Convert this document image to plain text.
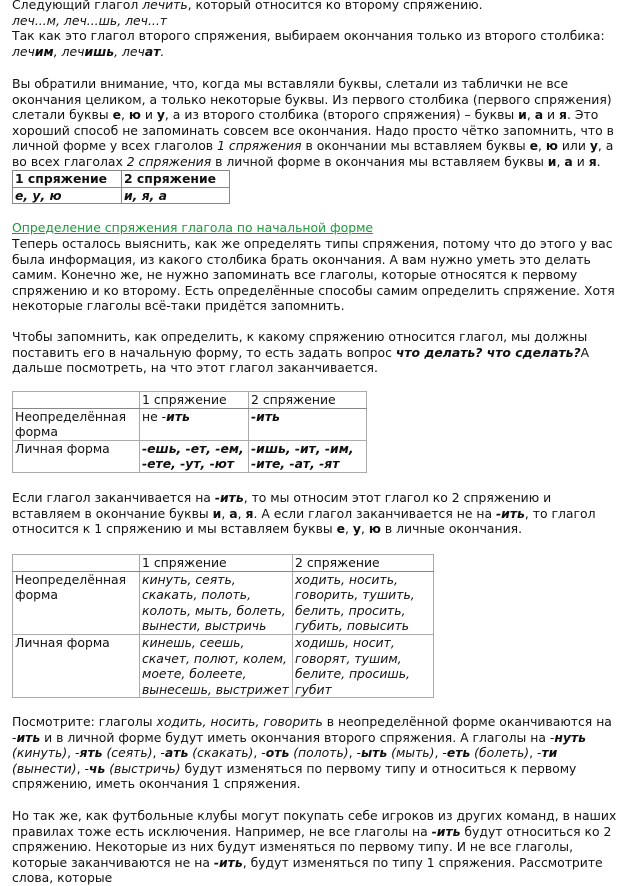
Следующий глагол лечить, который относится ко второму спряжению.

леч...м, леч...шь, леч...т

Так как это глагол второго спряжения, выбираем окончания только из второго столбика:

лечим, лечишь, лечат.

Вы обратили внимание, что, когда мы вставляли буквы, слетали из таблички не все окончания целиком, а только некоторые буквы. Из первого столбика (первого спряжения) слетали буквы е, ю и у, а из второго столбика (второго спряжения) – буквы и, а и я. Это хороший способ не запоминать совсем все окончания. Надо просто чётко запомнить, что в личной форме у всех глаголов 1 спряжения в окончании мы вставляем буквы е, ю или у, а во всех глаголах 2 спряжения в личной форме в окончания мы вставляем буквы и, а и я.

1 спряжение	2 спряжение
е, у, ю	и, я, а

Определение спряжения глагола по начальной форме

Теперь осталось выяснить, как же определять типы спряжения, потому что до этого у вас была информация, из какого столбика брать окончания. А вам нужно уметь это делать самим. Конечно же, не нужно запоминать все глаголы, которые относятся к первому спряжению и ко второму. Есть определённые способы самим определить спряжение. Хотя некоторые глаголы всё-таки придётся запомнить.

Чтобы запомнить, как определить, к какому спряжению относится глагол, мы должны поставить его в начальную форму, то есть задать вопрос что делать? что сделать?А дальше посмотреть, на что этот глагол заканчивается.

	1 спряжение	2 спряжение
Неопределённая форма	не -ить	-ить
Личная форма	-ешь, -ет, -ем, -ете, -ут, -ют	-ишь, -ит, -им, -ите, -ат, -ят

Если глагол заканчивается на -ить, то мы относим этот глагол ко 2 спряжению и вставляем в окончание буквы и, а, я. А если глагол заканчивается не на -ить, то глагол относится к 1 спряжению и мы вставляем буквы е, у, ю в личные окончания.

	1 спряжение	2 спряжение
Неопределённая форма	кинуть, сеять, скакать, полоть, колоть, мыть, болеть, вынести, выстричь	ходить, носить, говорить, тушить, белить, просить, губить, повысить
Личная форма	кинешь, сеешь, скачет, полют, колем, моете, болеете, вынесешь, выстрижет	ходишь, носит, говорят, тушим, белите, просишь, губит

Посмотрите: глаголы ходить, носить, говорить в неопределённой форме оканчиваются на -ить и в личной форме будут иметь окончания второго спряжения. А глаголы на -нуть (кинуть), -ять (сеять), -ать (скакать), -оть (полоть), -ыть (мыть), -еть (болеть), -ти (вынести), -чь (выстричь) будут изменяться по первому типу и относиться к первому спряжению, иметь окончания 1 спряжения.

Но так же, как футбольные клубы могут покупать себе игроков из других команд, в наших правилах тоже есть исключения. Например, не все глаголы на -ить будут относиться ко 2 спряжению. Некоторые из них будут изменяться по первому типу. И не все глаголы, которые заканчиваются не на -ить, будут изменяться по типу 1 спряжения. Рассмотрите слова, которые
